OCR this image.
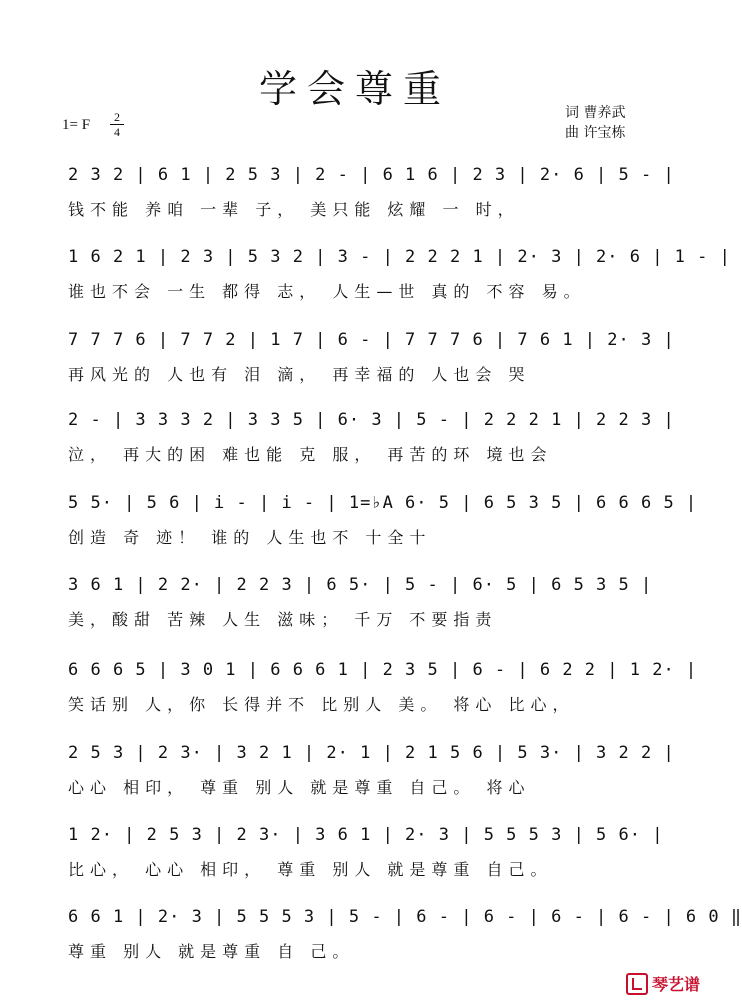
学会尊重
1= F	2
4
词 曹养武
曲 许宝栋
2 3 2 | 6 1 | 2 5 3 | 2 - | 6 1 6 | 2 3 | 2· 6 | 5 - |
钱不能 养咱 一辈 子， 美只能 炫耀 一 时，
1 6 2 1 | 2 3 | 5 3 2 | 3 - | 2 2 2 1 | 2· 3 | 2· 6 | 1 - |
谁也不会 一生 都得 志， 人生—世 真的 不容 易。
7 7 7 6 | 7 7 2 | 1 7 | 6 - | 7 7 7 6 | 7 6 1 | 2· 3 |
再风光的 人也有 泪 滴， 再幸福的 人也会 哭
2 - | 3 3 3 2 | 3 3 5 | 6· 3 | 5 - | 2 2 2 1 | 2 2 3 |
泣， 再大的困 难也能 克 服， 再苦的环 境也会
5 5· | 5 6 | i - | i - | 1=♭A 6· 5 | 6 5 3 5 | 6 6 6 5 |
创造 奇 迹！ 谁的 人生也不 十全十
3 6 1 | 2 2· | 2 2 3 | 6 5· | 5 - | 6· 5 | 6 5 3 5 |
美，酸甜 苦辣 人生 滋味； 千万 不要指责
6 6 6 5 | 3 0 1 | 6 6 6 1 | 2 3 5 | 6 - | 6 2 2 | 1 2· |
笑话别 人，你 长得并不 比别人 美。 将心 比心，
2 5 3 | 2 3· | 3 2 1 | 2· 1 | 2 1 5 6 | 5 3· | 3 2 2 |
心心 相印， 尊重 别人 就是尊重 自己。 将心
1 2· | 2 5 3 | 2 3· | 3 6 1 | 2· 3 | 5 5 5 3 | 5 6· |
比心， 心心 相印， 尊重 别人 就是尊重 自己。
6 6 1 | 2· 3 | 5 5 5 3 | 5 - | 6 - | 6 - | 6 - | 6 - | 6 0 ‖
尊重 别人 就是尊重 自 己。
琴艺谱
